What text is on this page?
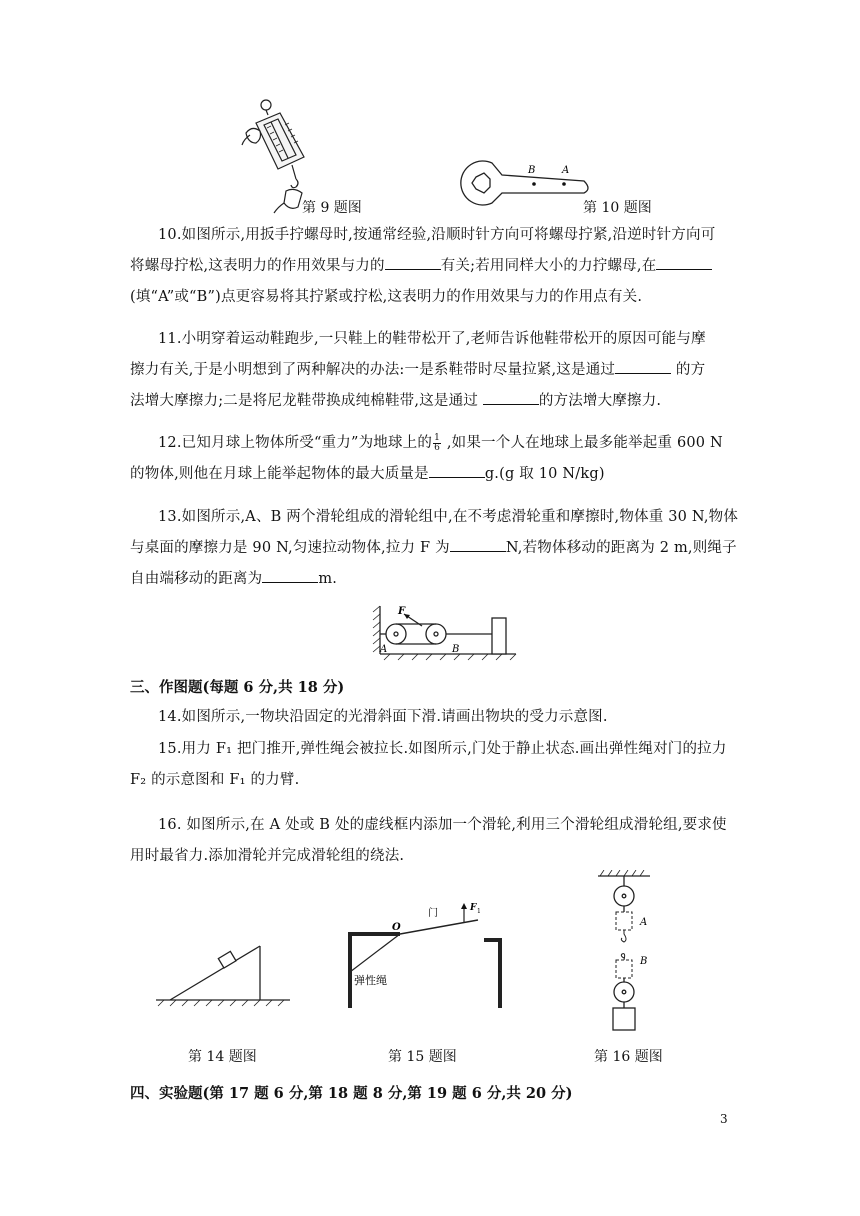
第 9 题图
B	A
第 10 题图
10.如图所示,用扳手拧螺母时,按通常经验,沿顺时针方向可将螺母拧紧,沿逆时针方向可
将螺母拧松,这表明力的作用效果与力的	有关;若用同样大小的力拧螺母,在
(填“A”或“B”)点更容易将其拧紧或拧松,这表明力的作用效果与力的作用点有关.
11.小明穿着运动鞋跑步,一只鞋上的鞋带松开了,老师告诉他鞋带松开的原因可能与摩
擦力有关,于是小明想到了两种解决的办法:一是系鞋带时尽量拉紧,这是通过	的方
法增大摩擦力;二是将尼龙鞋带换成纯棉鞋带,这是通过	的方法增大摩擦力.
12.已知月球上物体所受“重力”为地球上的 $\frac{1}{6}$ ,如果一个人在地球上最多能举起重 600 N
的物体,则他在月球上能举起物体的最大质量是	g.(g 取 10 N/kg)
13.如图所示,A、B 两个滑轮组成的滑轮组中,在不考虑滑轮重和摩擦时,物体重 30 N,物体
与桌面的摩擦力是 90 N,匀速拉动物体,拉力 F 为	N,若物体移动的距离为 2 m,则绳子
自由端移动的距离为	m.
F
A	B
三、作图题(每题 6 分,共 18 分)
14.如图所示,一物块沿固定的光滑斜面下滑.请画出物块的受力示意图.
15.用力 F₁ 把门推开,弹性绳会被拉长.如图所示,门处于静止状态.画出弹性绳对门的拉力
F₂ 的示意图和 F₁ 的力臂.
16. 如图所示,在 A 处或 B 处的虚线框内添加一个滑轮,利用三个滑轮组成滑轮组,要求使
用时最省力.添加滑轮并完成滑轮组的绕法.
第 14 题图
O
门	F 1
弹性绳
第 15 题图
A
B
第 16 题图
四、实验题(第 17 题 6 分,第 18 题 8 分,第 19 题 6 分,共 20 分)
3
